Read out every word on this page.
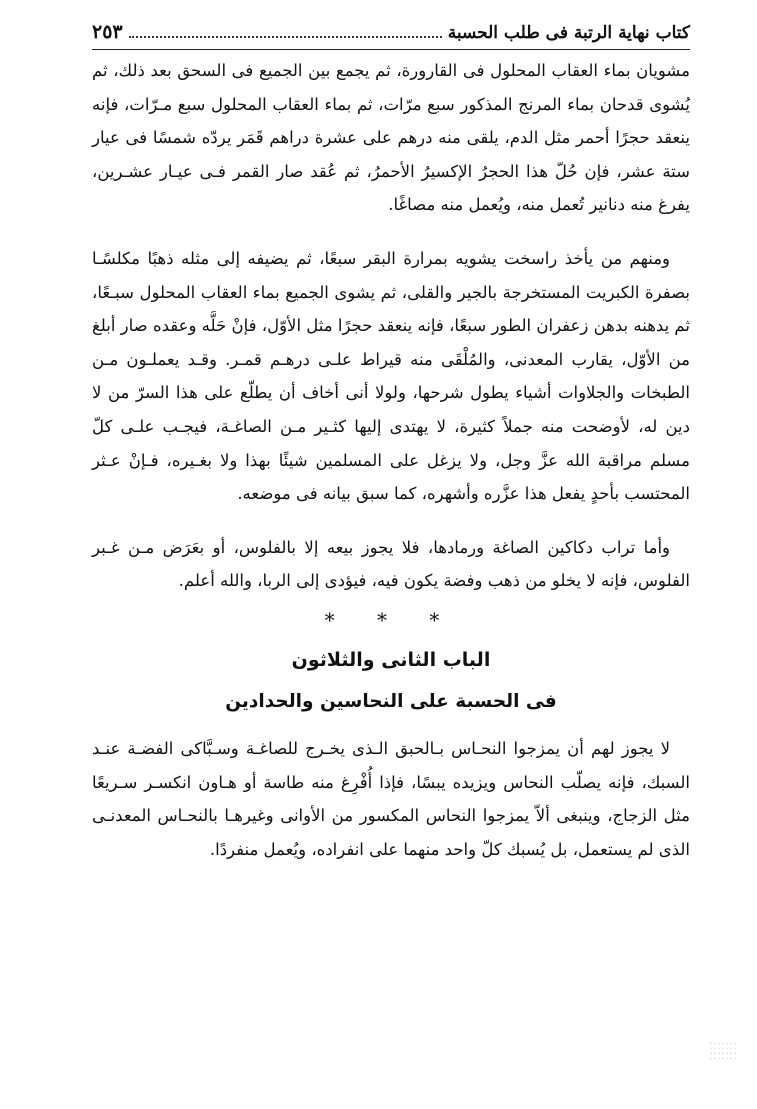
كتاب نهاية الرتبة فى طلب الحسبة
٢٥٣

مشويان بماء العقاب المحلول فى القارورة، ثم يجمع بين الجميع فى السحق بعد ذلك، ثم يُشوى قدحان بماء المرنج المذكور سبع مرّات، ثم بماء العقاب المحلول سبع مـرّات، فإنه ينعقد حجرًا أحمر مثل الدم، يلقى منه درهم على عشرة دراهم قَمَر يردّه شمسًا فى عيار ستة عشر، فإن حُلّ هذا الحجرُ الإكسيرُ الأحمرُ، ثم عُقد صار القمر فـى عيـار عشـرين، يفرغ منه دنانير تُعمل منه، ويُعمل منه مصاغًا.

ومنهم من يأخذ راسخت يشويه بمرارة البقر سبعًا، ثم يضيفه إلى مثله ذهبًا مكلسًـا بصفرة الكبريت المستخرجة بالجير والقلى، ثم يشوى الجميع بماء العقاب المحلول سبـعًا، ثم يدهنه بدهن زعفران الطور سبعًا، فإنه ينعقد حجرًا مثل الأوّل، فإنْ حَلَّه وعقده صار أبلغ من الأوّل، يقارب المعدنى، والمُلْقَى منه قيراط علـى درهـم قمـر. وقـد يعملـون مـن الطبخات والجلاوات أشياء يطول شرحها، ولولا أنى أخاف أن يطلّع على هذا السرّ من لا دين له، لأوضحت منه جملاً كثيرة، لا يهتدى إليها كثـير مـن الصاغـة، فيجـب علـى كلّ مسلم مراقبة الله عزَّ وجل، ولا يزغل على المسلمين شيئًا بهذا ولا بغـيره، فـإنْ عـثر المحتسب بأحدٍ يفعل هذا عزَّره وأشهره، كما سبق بيانه فى موضعه.

وأما تراب دكاكين الصاغة ورمادها، فلا يجوز بيعه إلا بالفلوس، أو بعَرَض مـن غـبر الفلوس، فإنه لا يخلو من ذهب وفضة يكون فيه، فيؤدى إلى الربا، والله أعلم.

* * *
الباب الثانى والثلاثون
فى الحسبة على النحاسين والحدادين

لا يجوز لهم أن يمزجوا النحـاس بـالحبق الـذى يخـرج للصاغـة وسـبَّاكى الفضـة عنـد السبك، فإنه يصلّب النحاس ويزيده يبسًا، فإذا أُفْرِغ منه طاسة أو هـاون انكسـر سـريعًا مثل الزجاج، وينبغى ألاّ يمزجوا النحاس المكسور من الأوانى وغيرهـا بالنحـاس المعدنـى الذى لم يستعمل، بل يُسبك كلّ واحد منهما على انفراده، ويُعمل منفردًا.
